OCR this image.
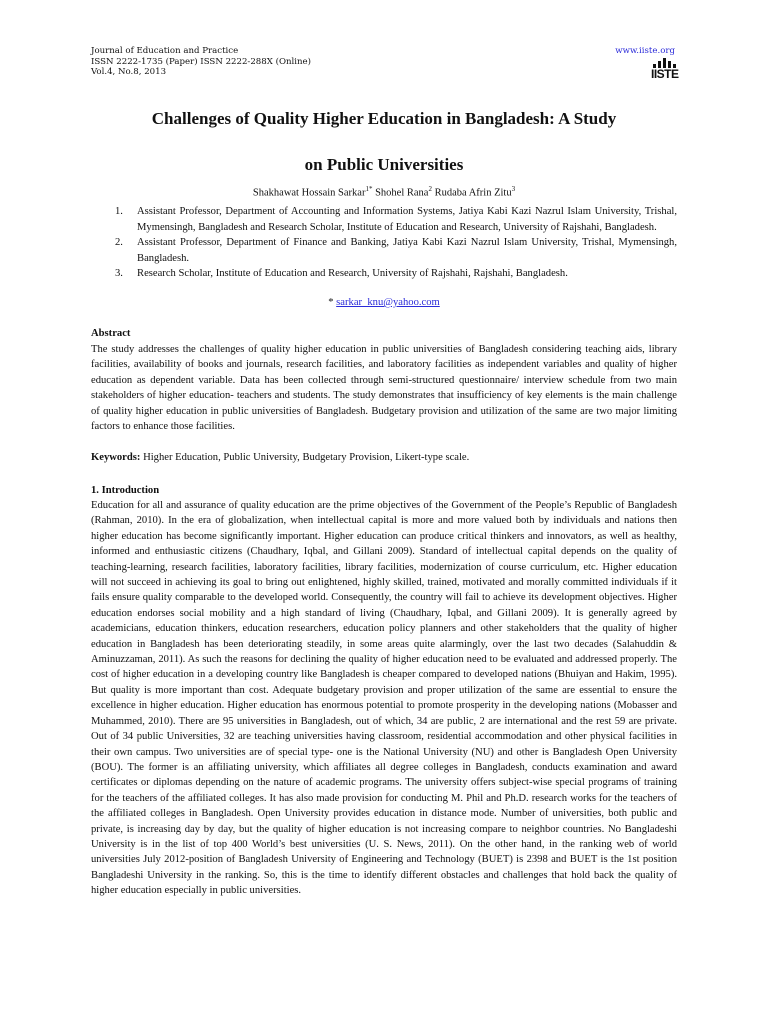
Journal of Education and Practice
ISSN 2222-1735 (Paper) ISSN 2222-288X (Online)
Vol.4, No.8, 2013
www.iiste.org
IISTE
Challenges of Quality Higher Education in Bangladesh: A Study
on Public Universities
Shakhawat Hossain Sarkar$^{1*}$ Shohel Rana$^2$ Rudaba Afrin Zitu$^3$
1.	Assistant Professor, Department of Accounting and Information Systems, Jatiya Kabi Kazi Nazrul Islam University, Trishal, Mymensingh, Bangladesh and Research Scholar, Institute of Education and Research, University of Rajshahi, Bangladesh.
2.	Assistant Professor, Department of Finance and Banking, Jatiya Kabi Kazi Nazrul Islam University, Trishal, Mymensingh, Bangladesh.
3.	Research Scholar, Institute of Education and Research, University of Rajshahi, Rajshahi, Bangladesh.
* sarkar_knu@yahoo.com
Abstract

The study addresses the challenges of quality higher education in public universities of Bangladesh considering teaching aids, library facilities, availability of books and journals, research facilities, and laboratory facilities as independent variables and quality of higher education as dependent variable. Data has been collected through semi-structured questionnaire/ interview schedule from two main stakeholders of higher education- teachers and students. The study demonstrates that insufficiency of key elements is the main challenge of quality higher education in public universities of Bangladesh. Budgetary provision and utilization of the same are two major limiting factors to enhance those facilities.

Keywords: Higher Education, Public University, Budgetary Provision, Likert-type scale.
1. Introduction

Education for all and assurance of quality education are the prime objectives of the Government of the People’s Republic of Bangladesh (Rahman, 2010). In the era of globalization, when intellectual capital is more and more valued both by individuals and nations then higher education has become significantly important. Higher education can produce critical thinkers and innovators, as well as healthy, informed and enthusiastic citizens (Chaudhary, Iqbal, and Gillani 2009). Standard of intellectual capital depends on the quality of teaching-learning, research facilities, laboratory facilities, library facilities, modernization of course curriculum, etc. Higher education will not succeed in achieving its goal to bring out enlightened, highly skilled, trained, motivated and morally committed individuals if it fails ensure quality comparable to the developed world. Consequently, the country will fail to achieve its development objectives. Higher education endorses social mobility and a high standard of living (Chaudhary, Iqbal, and Gillani 2009). It is generally agreed by academicians, education thinkers, education researchers, education policy planners and other stakeholders that the quality of higher education in Bangladesh has been deteriorating steadily, in some areas quite alarmingly, over the last two decades (Salahuddin & Aminuzzaman, 2011). As such the reasons for declining the quality of higher education need to be evaluated and addressed properly. The cost of higher education in a developing country like Bangladesh is cheaper compared to developed nations (Bhuiyan and Hakim, 1995). But quality is more important than cost. Adequate budgetary provision and proper utilization of the same are essential to ensure the excellence in higher education. Higher education has enormous potential to promote prosperity in the developing nations (Mobasser and Muhammed, 2010). There are 95 universities in Bangladesh, out of which, 34 are public, 2 are international and the rest 59 are private. Out of 34 public Universities, 32 are teaching universities having classroom, residential accommodation and other physical facilities in their own campus. Two universities are of special type- one is the National University (NU) and other is Bangladesh Open University (BOU). The former is an affiliating university, which affiliates all degree colleges in Bangladesh, conducts examination and award certificates or diplomas depending on the nature of academic programs. The university offers subject-wise special programs of training for the teachers of the affiliated colleges. It has also made provision for conducting M. Phil and Ph.D. research works for the teachers of the affiliated colleges in Bangladesh. Open University provides education in distance mode. Number of universities, both public and private, is increasing day by day, but the quality of higher education is not increasing compare to neighbor countries. No Bangladeshi University is in the list of top 400 World’s best universities (U. S. News, 2011). On the other hand, in the ranking web of world universities July 2012-position of Bangladesh University of Engineering and Technology (BUET) is 2398 and BUET is the 1st position Bangladeshi University in the ranking. So, this is the time to identify different obstacles and challenges that hold back the quality of higher education especially in public universities.
